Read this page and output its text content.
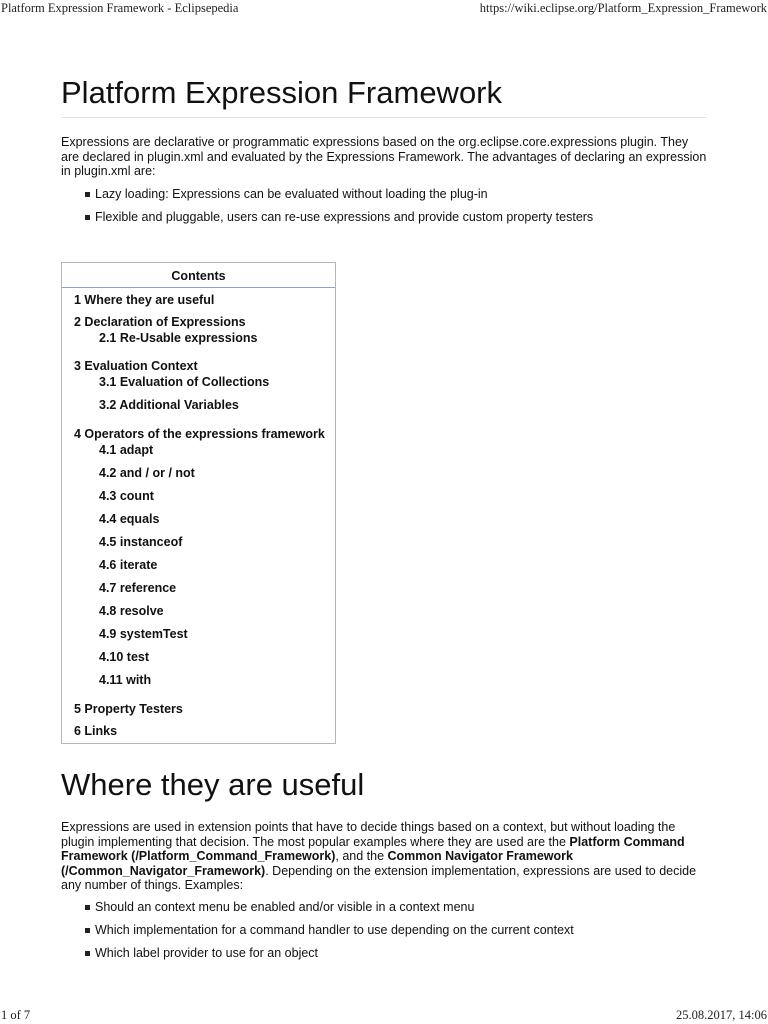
Platform Expression Framework - Eclipsepedia	https://wiki.eclipse.org/Platform_Expression_Framework
Platform Expression Framework

Expressions are declarative or programmatic expressions based on the org.eclipse.core.expressions plugin. They are declared in plugin.xml and evaluated by the Expressions Framework. The advantages of declaring an expression in plugin.xml are:

Lazy loading: Expressions can be evaluated without loading the plug-in
Flexible and pluggable, users can re-use expressions and provide custom property testers
Contents
1 Where they are useful
2 Declaration of Expressions
2.1 Re-Usable expressions
3 Evaluation Context
3.1 Evaluation of Collections
3.2 Additional Variables
4 Operators of the expressions framework
4.1 adapt
4.2 and / or / not
4.3 count
4.4 equals
4.5 instanceof
4.6 iterate
4.7 reference
4.8 resolve
4.9 systemTest
4.10 test
4.11 with
5 Property Testers
6 Links
Where they are useful

Expressions are used in extension points that have to decide things based on a context, but without loading the plugin implementing that decision. The most popular examples where they are used are the Platform Command Framework (/Platform_Command_Framework), and the Common Navigator Framework (/Common_Navigator_Framework). Depending on the extension implementation, expressions are used to decide any number of things. Examples:

Should an context menu be enabled and/or visible in a context menu
Which implementation for a command handler to use depending on the current context
Which label provider to use for an object
1 of 7	25.08.2017, 14:06
